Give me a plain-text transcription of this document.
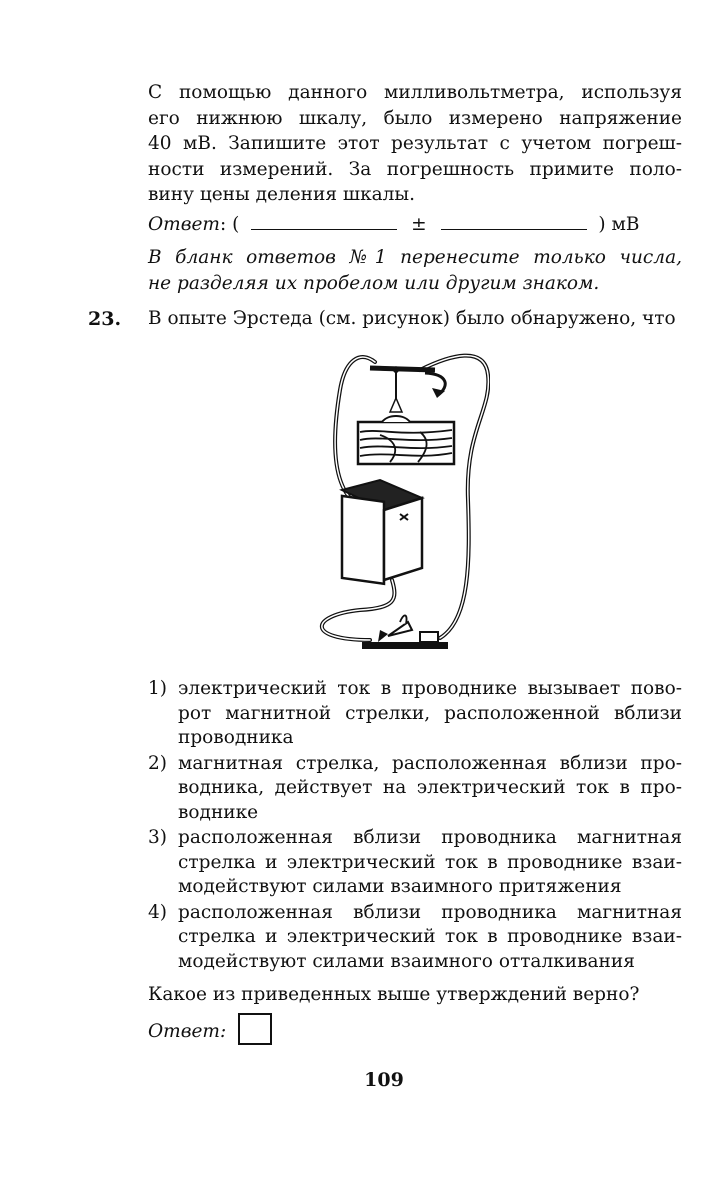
С помощью данного милливольтметра, используя
его нижнюю шкалу, было измерено напряжение
40 мВ. Запишите этот результат с учетом погреш-
ности измерений. За погрешность примите поло-
вину цены деления шкалы.
Ответ: (	±	) мВ
В бланк ответов №1 перенесите только числа,
не разделяя их пробелом или другим знаком.
23. В опыте Эрстеда (см. рисунок) было обнаружено, что
1) электрический ток в проводнике вызывает пово-
рот магнитной стрелки, расположенной вблизи
проводника
2) магнитная стрелка, расположенная вблизи про-
водника, действует на электрический ток в про-
воднике
3) расположенная вблизи проводника магнитная
стрелка и электрический ток в проводнике взаи-
модействуют силами взаимного притяжения
4) расположенная вблизи проводника магнитная
стрелка и электрический ток в проводнике взаи-
модействуют силами взаимного отталкивания
Какое из приведенных выше утверждений верно?
Ответ:
109
